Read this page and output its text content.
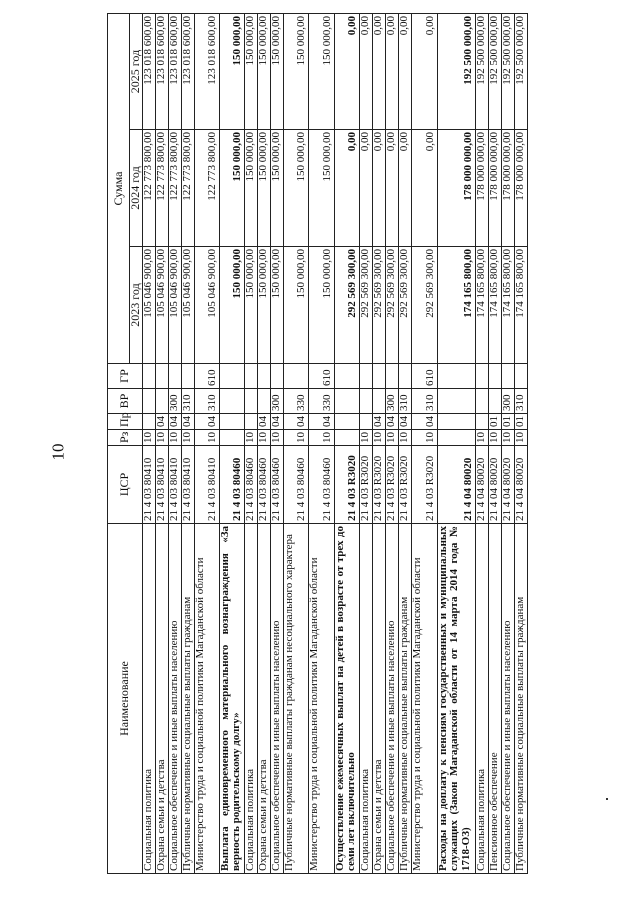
10
Наименование	ЦСР	Рз	Пр	ВР	ГР	Сумма		
						2023 год	2024 год	2025 год
Социальная политика	21 4 03 80410	10				105 046 900,00	122 773 800,00	123 018 600,00
Охрана семьи и детства	21 4 03 80410	10	04			105 046 900,00	122 773 800,00	123 018 600,00
Социальное обеспечение и иные выплаты населению	21 4 03 80410	10	04	300		105 046 900,00	122 773 800,00	123 018 600,00
Публичные нормативные социальные выплаты гражданам	21 4 03 80410	10	04	310		105 046 900,00	122 773 800,00	123 018 600,00
Министерство труда и социальной политики Магаданской области	21 4 03 80410	10	04	310	610	105 046 900,00	122 773 800,00	123 018 600,00
Выплата единовременного материального вознаграждения «За верность родительскому долгу»	21 4 03 80460					150 000,00	150 000,00	150 000,00
Социальная политика	21 4 03 80460	10				150 000,00	150 000,00	150 000,00
Охрана семьи и детства	21 4 03 80460	10	04			150 000,00	150 000,00	150 000,00
Социальное обеспечение и иные выплаты населению	21 4 03 80460	10	04	300		150 000,00	150 000,00	150 000,00
Публичные нормативные выплаты гражданам несоциального характера	21 4 03 80460	10	04	330		150 000,00	150 000,00	150 000,00
Министерство труда и социальной политики Магаданской области	21 4 03 80460	10	04	330	610	150 000,00	150 000,00	150 000,00
Осуществление ежемесячных выплат на детей в возрасте от трех до семи лет включительно	21 4 03 R3020					292 569 300,00	0,00	0,00
Социальная политика	21 4 03 R3020	10				292 569 300,00	0,00	0,00
Охрана семьи и детства	21 4 03 R3020	10	04			292 569 300,00	0,00	0,00
Социальное обеспечение и иные выплаты населению	21 4 03 R3020	10	04	300		292 569 300,00	0,00	0,00
Публичные нормативные социальные выплаты гражданам	21 4 03 R3020	10	04	310		292 569 300,00	0,00	0,00
Министерство труда и социальной политики Магаданской области	21 4 03 R3020	10	04	310	610	292 569 300,00	0,00	0,00
Расходы на доплату к пенсиям государственных и муниципальных служащих (Закон Магаданской области от 14 марта 2014 года № 1718-ОЗ)	21 4 04 80020					174 165 800,00	178 000 000,00	192 500 000,00
Социальная политика	21 4 04 80020	10				174 165 800,00	178 000 000,00	192 500 000,00
Пенсионное обеспечение	21 4 04 80020	10	01			174 165 800,00	178 000 000,00	192 500 000,00
Социальное обеспечение и иные выплаты населению	21 4 04 80020	10	01	300		174 165 800,00	178 000 000,00	192 500 000,00
Публичные нормативные социальные выплаты гражданам	21 4 04 80020	10	01	310		174 165 800,00	178 000 000,00	192 500 000,00
